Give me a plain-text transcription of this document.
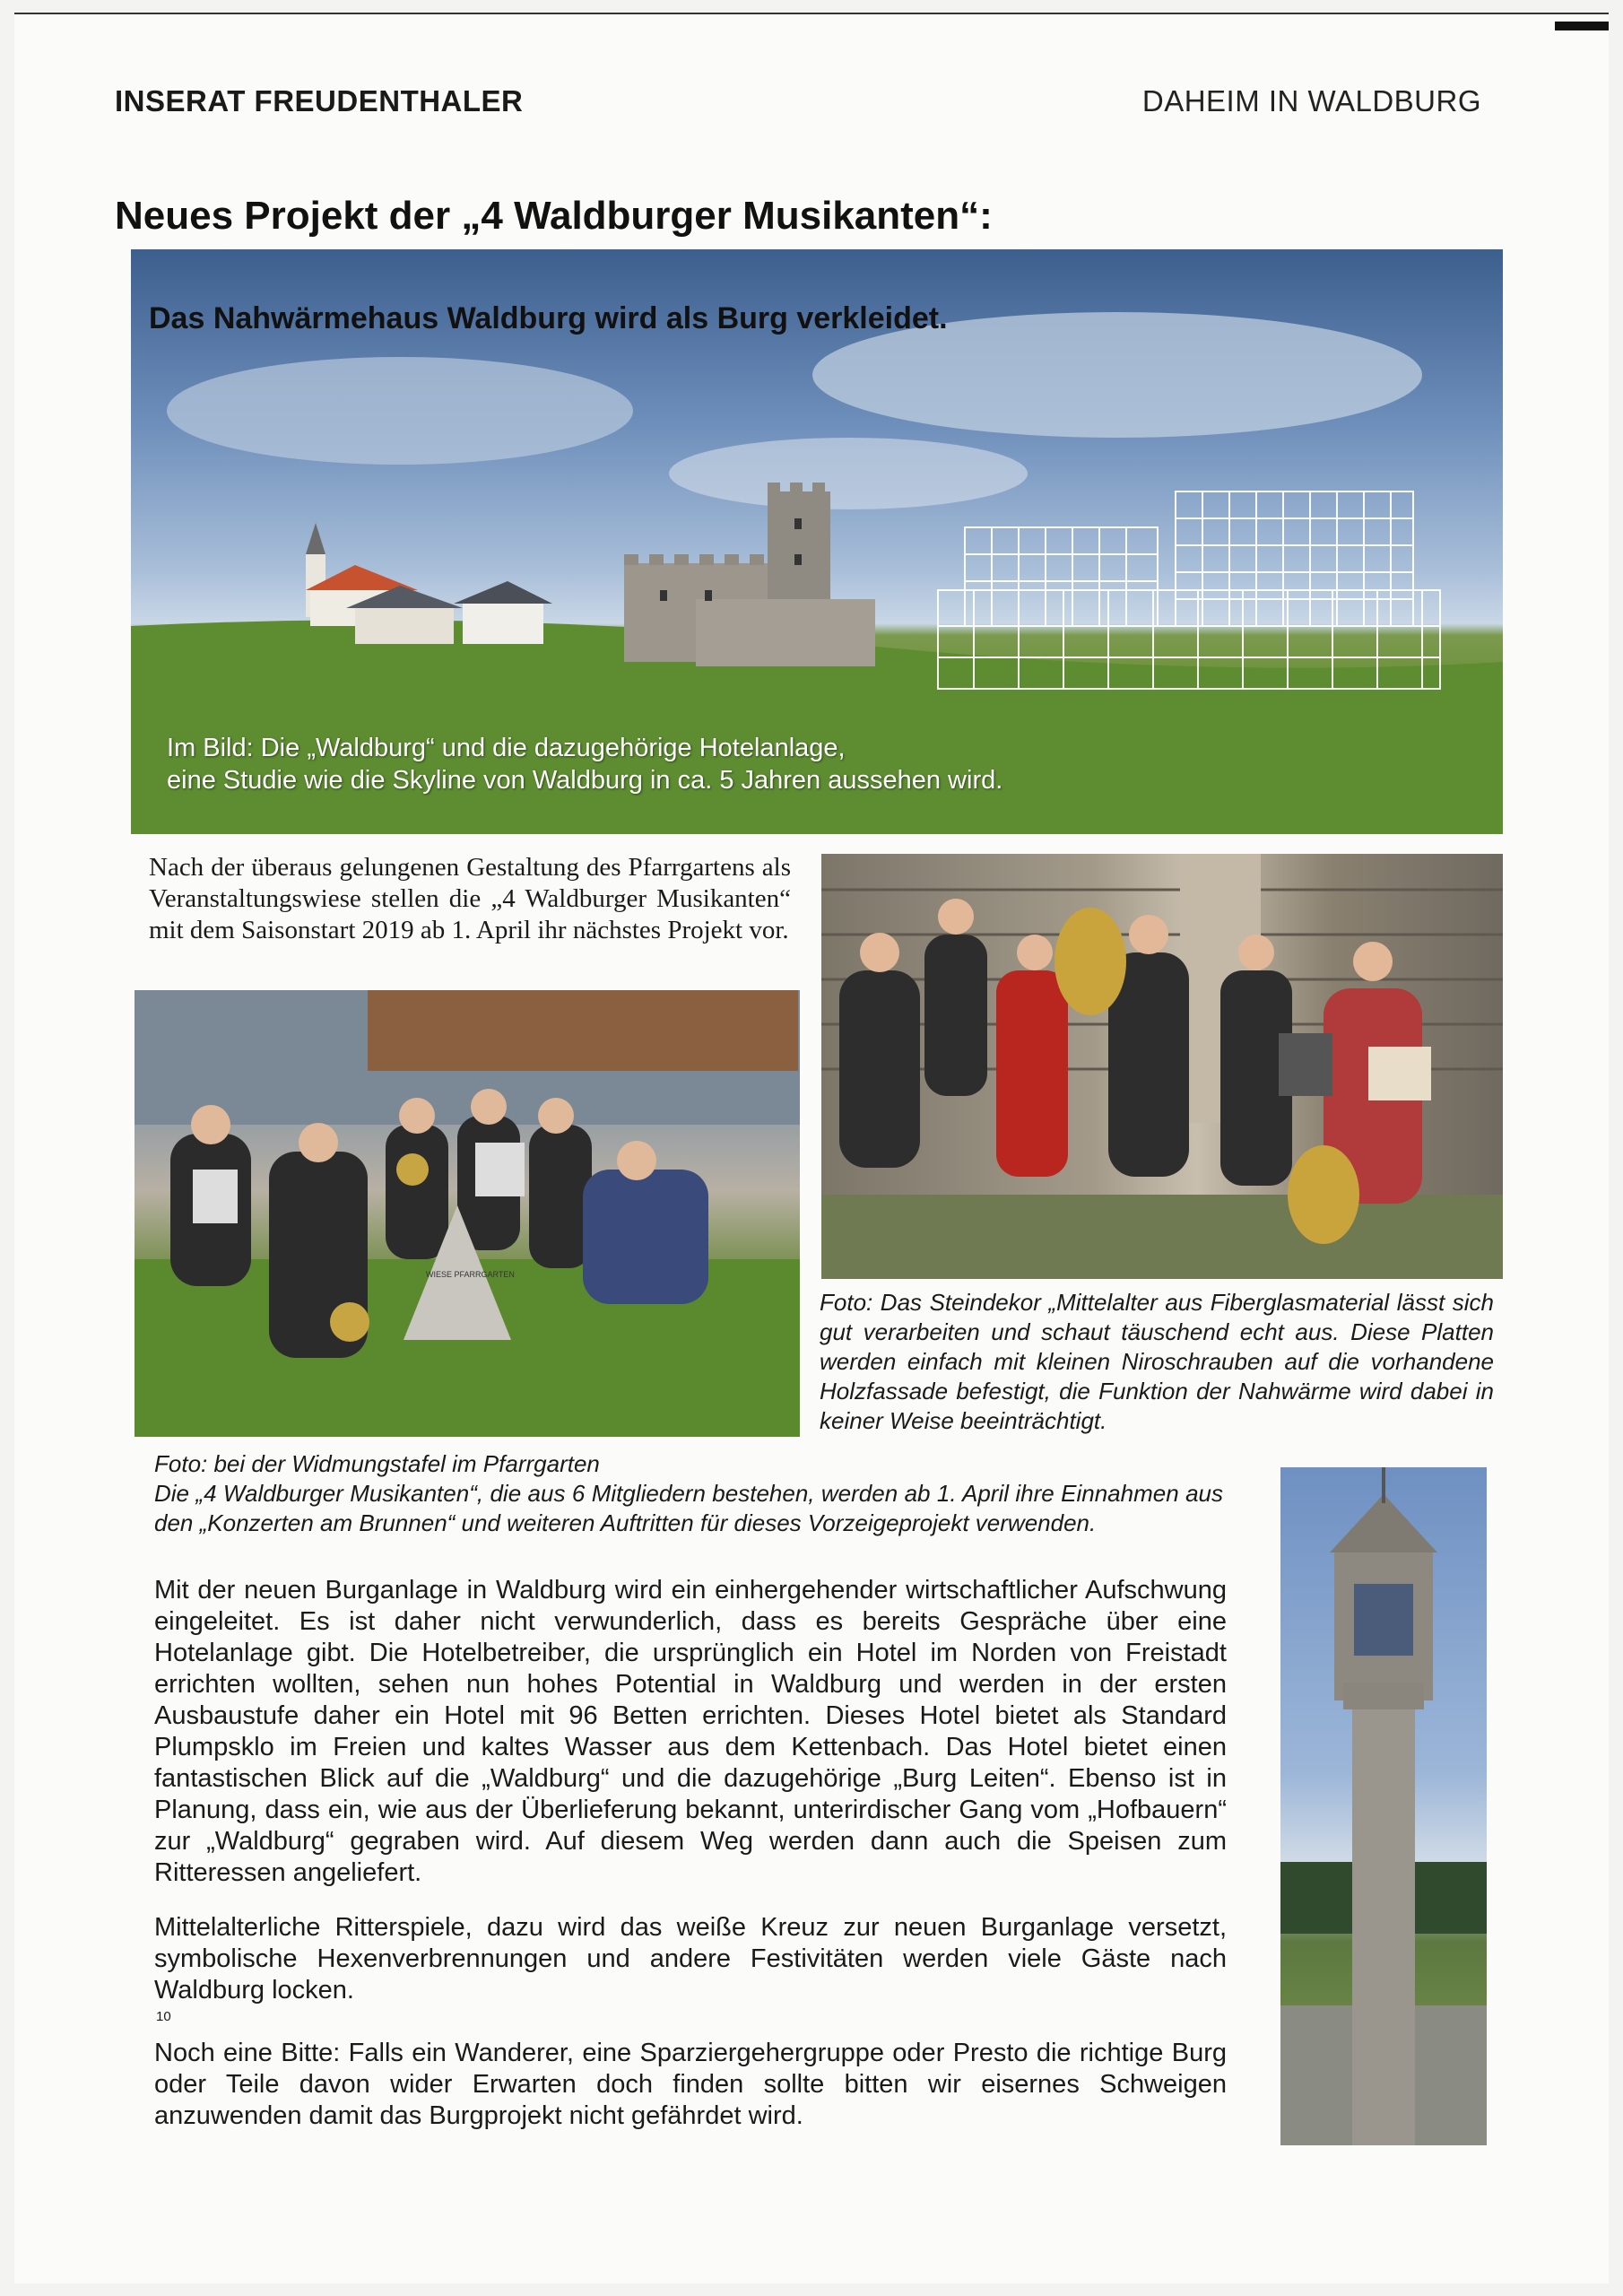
INSERAT FREUDENTHALER	DAHEIM IN WALDBURG
Neues Projekt der „4 Waldburger Musikanten“:
Das Nahwärmehaus Waldburg wird als Burg verkleidet.
Im Bild: Die „Waldburg“ und die dazugehörige Hotelanlage,
eine Studie wie die Skyline von Waldburg in ca. 5 Jahren aussehen wird.
Nach der überaus gelungenen Gestaltung des Pfarrgartens als Veranstaltungswiese stellen die „4 Waldburger Musikanten“ mit dem Saisonstart 2019 ab 1. April ihr nächstes Projekt vor.
WIESE PFARRGARTEN
Foto: Das Steindekor „Mittelalter aus Fiberglasmaterial lässt sich gut verarbeiten und schaut täuschend echt aus. Diese Platten werden einfach mit kleinen Niroschrauben auf die vorhandene Holzfassade befestigt, die Funktion der Nahwärme wird dabei in keiner Weise beeinträchtigt.
Foto: bei der Widmungstafel im Pfarrgarten
Die „4 Waldburger Musikanten“, die aus 6 Mitgliedern bestehen, werden ab 1. April ihre Einnahmen aus den „Konzerten am Brunnen“ und weiteren Auftritten für dieses Vorzeigeprojekt verwenden.
Mit der neuen Burganlage in Waldburg wird ein einhergehender wirtschaftlicher Aufschwung eingeleitet. Es ist daher nicht verwunderlich, dass es bereits Gespräche über eine Hotelanlage gibt. Die Hotelbetreiber, die ursprünglich ein Hotel im Norden von Freistadt errichten wollten, sehen nun hohes Potential in Waldburg und werden in der ersten Ausbaustufe daher ein Hotel mit 96 Betten errichten. Dieses Hotel bietet als Standard Plumpsklo im Freien und kaltes Wasser aus dem Kettenbach. Das Hotel bietet einen fantastischen Blick auf die „Waldburg“ und die dazugehörige „Burg Leiten“. Ebenso ist in Planung, dass ein, wie aus der Überlieferung bekannt, unterirdischer Gang vom „Hofbauern“ zur „Waldburg“ gegraben wird. Auf diesem Weg werden dann auch die Speisen zum Ritteressen angeliefert.
10
Mittelalterliche Ritterspiele, dazu wird das weiße Kreuz zur neuen Burganlage versetzt, symbolische Hexenverbrennungen und andere Festivitäten werden viele Gäste nach Waldburg locken.
Noch eine Bitte: Falls ein Wanderer, eine Sparziergehergruppe oder Presto die richtige Burg oder Teile davon wider Erwarten doch finden sollte bitten wir eisernes Schweigen anzuwenden damit das Burgprojekt nicht gefährdet wird.
